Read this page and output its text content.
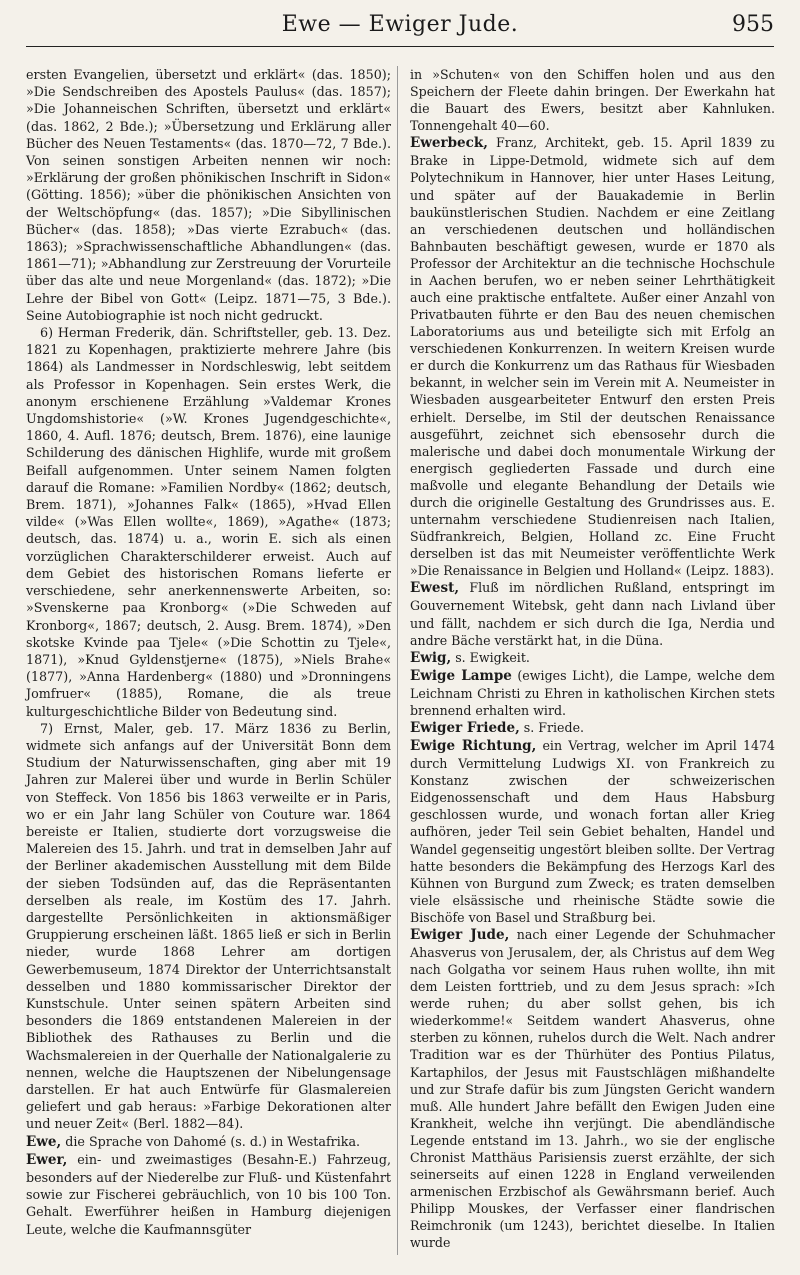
Ewe — Ewiger Jude.	955

ersten Evangelien, übersetzt und erklärt« (das. 1850); »Die Sendschreiben des Apostels Paulus« (das. 1857); »Die Johanneischen Schriften, übersetzt und erklärt« (das. 1862, 2 Bde.); »Übersetzung und Erklärung aller Bücher des Neuen Testaments« (das. 1870—72, 7 Bde.). Von seinen sonstigen Arbeiten nennen wir noch: »Erklärung der großen phönikischen Inschrift in Sidon« (Götting. 1856); »über die phönikischen Ansichten von der Weltschöpfung« (das. 1857); »Die Sibyllinischen Bücher« (das. 1858); »Das vierte Ezrabuch« (das. 1863); »Sprachwissenschaftliche Abhandlungen« (das. 1861—71); »Abhandlung zur Zerstreuung der Vorurteile über das alte und neue Morgenland« (das. 1872); »Die Lehre der Bibel von Gott« (Leipz. 1871—75, 3 Bde.). Seine Autobiographie ist noch nicht gedruckt.

6) Herman Frederik, dän. Schriftsteller, geb. 13. Dez. 1821 zu Kopenhagen, praktizierte mehrere Jahre (bis 1864) als Landmesser in Nordschleswig, lebt seitdem als Professor in Kopenhagen. Sein erstes Werk, die anonym erschienene Erzählung »Valdemar Krones Ungdomshistorie« (»W. Krones Jugendgeschichte«, 1860, 4. Aufl. 1876; deutsch, Brem. 1876), eine launige Schilderung des dänischen Highlife, wurde mit großem Beifall aufgenommen. Unter seinem Namen folgten darauf die Romane: »Familien Nordby« (1862; deutsch, Brem. 1871), »Johannes Falk« (1865), »Hvad Ellen vilde« (»Was Ellen wollte«, 1869), »Agathe« (1873; deutsch, das. 1874) u. a., worin E. sich als einen vorzüglichen Charakterschilderer erweist. Auch auf dem Gebiet des historischen Romans lieferte er verschiedene, sehr anerkennenswerte Arbeiten, so: »Svenskerne paa Kronborg« (»Die Schweden auf Kronborg«, 1867; deutsch, 2. Ausg. Brem. 1874), »Den skotske Kvinde paa Tjele« (»Die Schottin zu Tjele«, 1871), »Knud Gyldenstjerne« (1875), »Niels Brahe« (1877), »Anna Hardenberg« (1880) und »Dronningens Jomfruer« (1885), Romane, die als treue kulturgeschichtliche Bilder von Bedeutung sind.

7) Ernst, Maler, geb. 17. März 1836 zu Berlin, widmete sich anfangs auf der Universität Bonn dem Studium der Naturwissenschaften, ging aber mit 19 Jahren zur Malerei über und wurde in Berlin Schüler von Steffeck. Von 1856 bis 1863 verweilte er in Paris, wo er ein Jahr lang Schüler von Couture war. 1864 bereiste er Italien, studierte dort vorzugsweise die Malereien des 15. Jahrh. und trat in demselben Jahr auf der Berliner akademischen Ausstellung mit dem Bilde der sieben Todsünden auf, das die Repräsentanten derselben als reale, im Kostüm des 17. Jahrh. dargestellte Persönlichkeiten in aktionsmäßiger Gruppierung erscheinen läßt. 1865 ließ er sich in Berlin nieder, wurde 1868 Lehrer am dortigen Gewerbemuseum, 1874 Direktor der Unterrichtsanstalt desselben und 1880 kommissarischer Direktor der Kunstschule. Unter seinen spätern Arbeiten sind besonders die 1869 entstandenen Malereien in der Bibliothek des Rathauses zu Berlin und die Wachsmalereien in der Querhalle der Nationalgalerie zu nennen, welche die Hauptszenen der Nibelungensage darstellen. Er hat auch Entwürfe für Glasmalereien geliefert und gab heraus: »Farbige Dekorationen alter und neuer Zeit« (Berl. 1882—84).

Ewe, die Sprache von Dahomé (s. d.) in Westafrika.

Ewer, ein- und zweimastiges (Besahn-E.) Fahrzeug, besonders auf der Niederelbe zur Fluß- und Küstenfahrt sowie zur Fischerei gebräuchlich, von 10 bis 100 Ton. Gehalt. Ewerführer heißen in Hamburg diejenigen Leute, welche die Kaufmannsgüter

in »Schuten« von den Schiffen holen und aus den Speichern der Fleete dahin bringen. Der Ewerkahn hat die Bauart des Ewers, besitzt aber Kahnluken. Tonnengehalt 40—60.

Ewerbeck, Franz, Architekt, geb. 15. April 1839 zu Brake in Lippe-Detmold, widmete sich auf dem Polytechnikum in Hannover, hier unter Hases Leitung, und später auf der Bauakademie in Berlin baukünstlerischen Studien. Nachdem er eine Zeitlang an verschiedenen deutschen und holländischen Bahnbauten beschäftigt gewesen, wurde er 1870 als Professor der Architektur an die technische Hochschule in Aachen berufen, wo er neben seiner Lehrthätigkeit auch eine praktische entfaltete. Außer einer Anzahl von Privatbauten führte er den Bau des neuen chemischen Laboratoriums aus und beteiligte sich mit Erfolg an verschiedenen Konkurrenzen. In weitern Kreisen wurde er durch die Konkurrenz um das Rathaus für Wiesbaden bekannt, in welcher sein im Verein mit A. Neumeister in Wiesbaden ausgearbeiteter Entwurf den ersten Preis erhielt. Derselbe, im Stil der deutschen Renaissance ausgeführt, zeichnet sich ebensosehr durch die malerische und dabei doch monumentale Wirkung der energisch gegliederten Fassade und durch eine maßvolle und elegante Behandlung der Details wie durch die originelle Gestaltung des Grundrisses aus. E. unternahm verschiedene Studienreisen nach Italien, Südfrankreich, Belgien, Holland zc. Eine Frucht derselben ist das mit Neumeister veröffentlichte Werk »Die Renaissance in Belgien und Holland« (Leipz. 1883).

Ewest, Fluß im nördlichen Rußland, entspringt im Gouvernement Witebsk, geht dann nach Livland über und fällt, nachdem er sich durch die Iga, Nerdia und andre Bäche verstärkt hat, in die Düna.

Ewig, s. Ewigkeit.

Ewige Lampe (ewiges Licht), die Lampe, welche dem Leichnam Christi zu Ehren in katholischen Kirchen stets brennend erhalten wird.

Ewiger Friede, s. Friede.

Ewige Richtung, ein Vertrag, welcher im April 1474 durch Vermittelung Ludwigs XI. von Frankreich zu Konstanz zwischen der schweizerischen Eidgenossenschaft und dem Haus Habsburg geschlossen wurde, und wonach fortan aller Krieg aufhören, jeder Teil sein Gebiet behalten, Handel und Wandel gegenseitig ungestört bleiben sollte. Der Vertrag hatte besonders die Bekämpfung des Herzogs Karl des Kühnen von Burgund zum Zweck; es traten demselben viele elsässische und rheinische Städte sowie die Bischöfe von Basel und Straßburg bei.

Ewiger Jude, nach einer Legende der Schuhmacher Ahasverus von Jerusalem, der, als Christus auf dem Weg nach Golgatha vor seinem Haus ruhen wollte, ihn mit dem Leisten forttrieb, und zu dem Jesus sprach: »Ich werde ruhen; du aber sollst gehen, bis ich wiederkomme!« Seitdem wandert Ahasverus, ohne sterben zu können, ruhelos durch die Welt. Nach andrer Tradition war es der Thürhüter des Pontius Pilatus, Kartaphilos, der Jesus mit Faustschlägen mißhandelte und zur Strafe dafür bis zum Jüngsten Gericht wandern muß. Alle hundert Jahre befällt den Ewigen Juden eine Krankheit, welche ihn verjüngt. Die abendländische Legende entstand im 13. Jahrh., wo sie der englische Chronist Matthäus Parisiensis zuerst erzählte, der sich seinerseits auf einen 1228 in England verweilenden armenischen Erzbischof als Gewährsmann berief. Auch Philipp Mouskes, der Verfasser einer flandrischen Reimchronik (um 1243), berichtet dieselbe. In Italien wurde
